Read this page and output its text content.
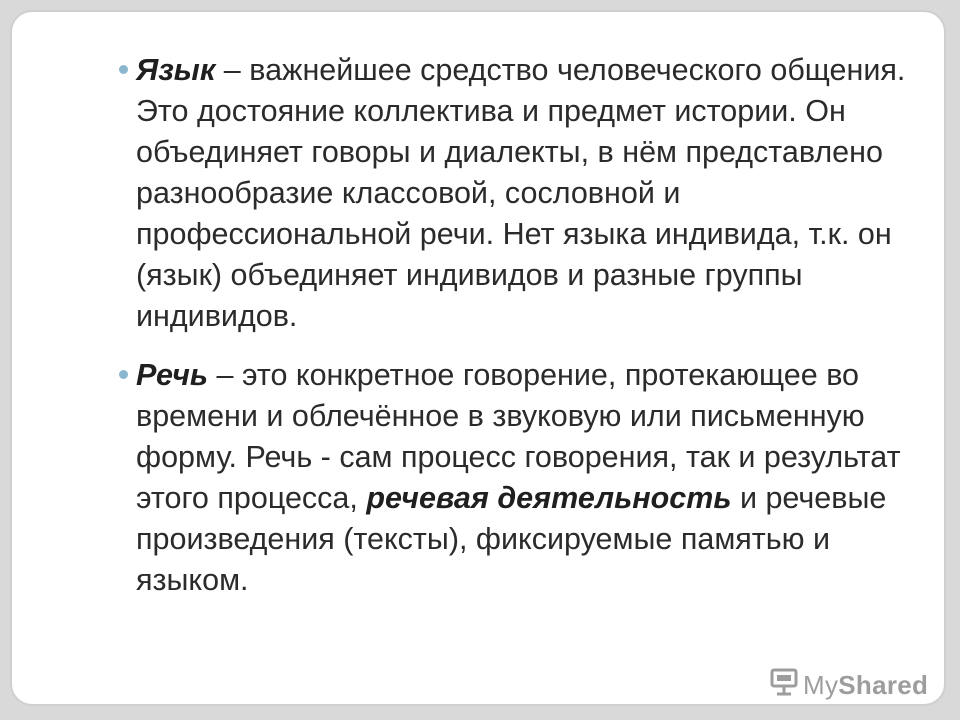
Язык – важнейшее средство человеческого общения. Это достояние коллектива и предмет истории. Он объединяет говоры и диалекты, в нём представлено разнообразие классовой, сословной и профессиональной речи. Нет языка индивида, т.к. он (язык) объединяет индивидов и разные группы индивидов.
Речь – это конкретное говорение, протекающее во времени и облечённое в звуковую или письменную форму. Речь - сам процесс говорения, так и результат этого процесса, речевая деятельность и речевые произведения (тексты), фиксируемые памятью и языком.
MyShared
